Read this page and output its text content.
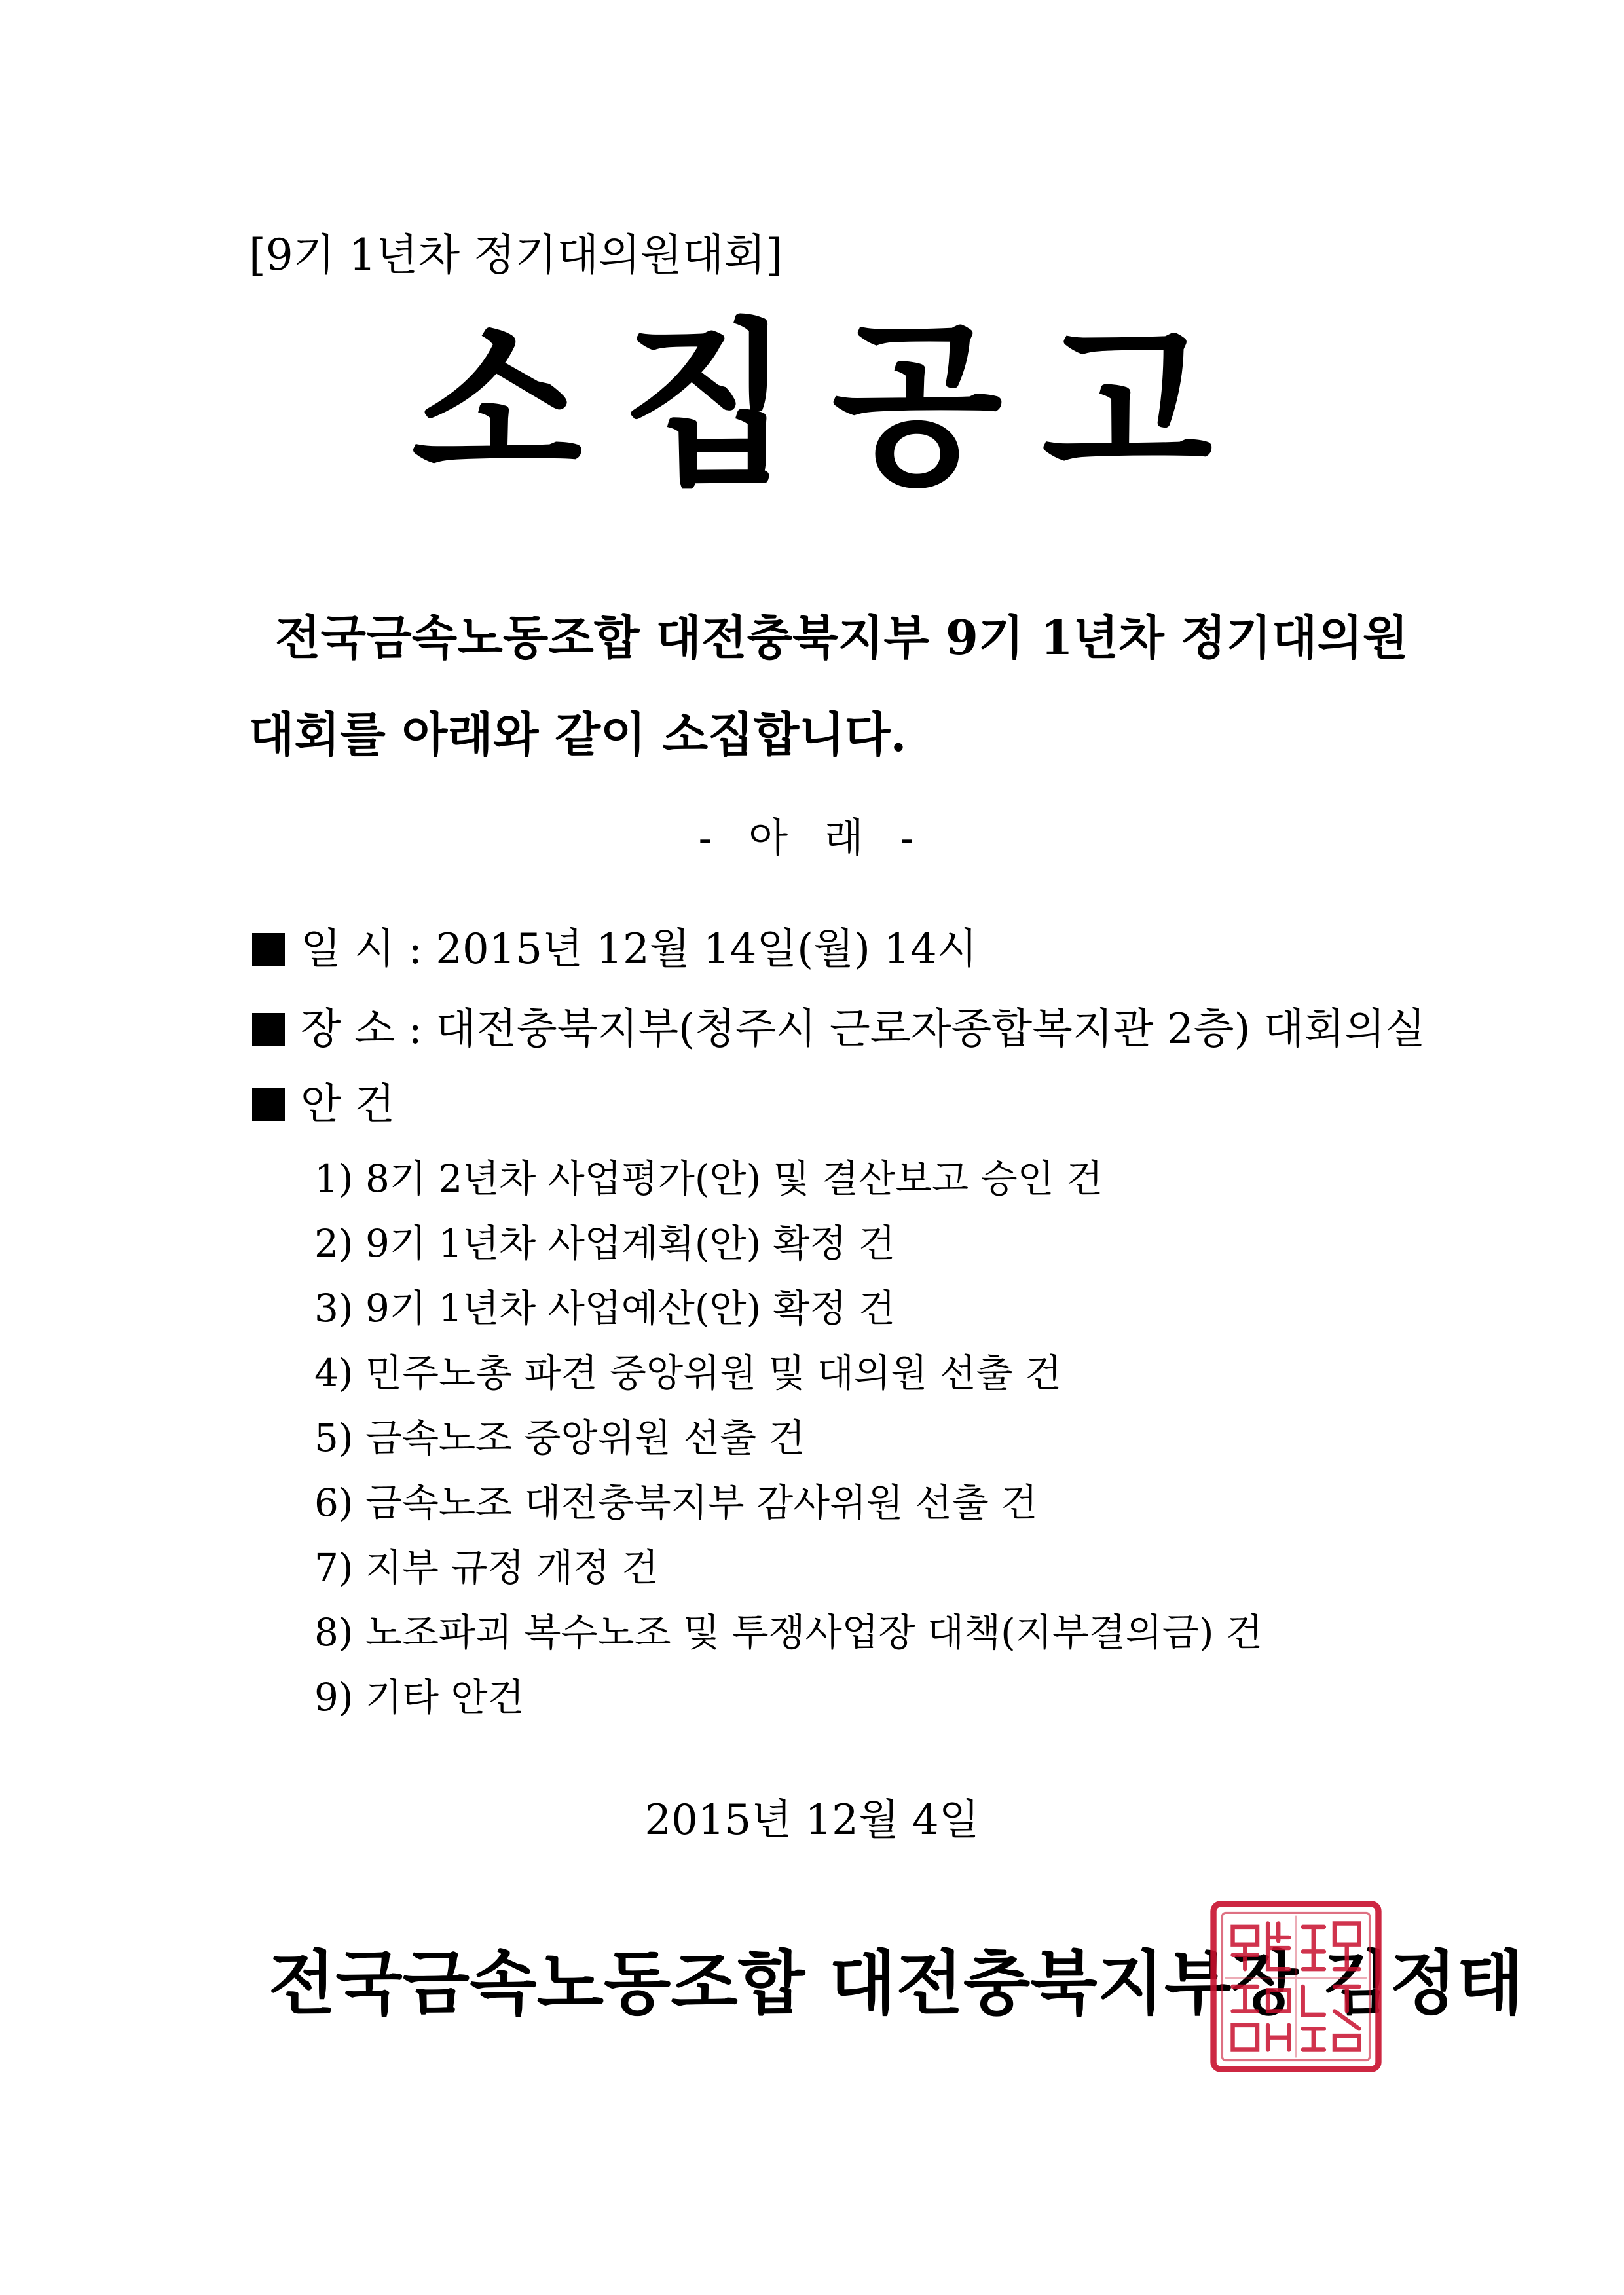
[9기 1년차 정기대의원대회]
소집공고
전국금속노동조합 대전충북지부 9기 1년차 정기대의원
대회를 아래와 같이 소집합니다.
- 아 래 -
일 시 : 2015년 12월 14일(월) 14시
장 소 : 대전충북지부(청주시 근로자종합복지관 2층) 대회의실
안 건
1) 8기 2년차 사업평가(안) 및 결산보고 승인 건
2) 9기 1년차 사업계획(안) 확정 건
3) 9기 1년차 사업예산(안) 확정 건
4) 민주노총 파견 중앙위원 및 대의원 선출 건
5) 금속노조 중앙위원 선출 건
6) 금속노조 대전충북지부 감사위원 선출 건
7) 지부 규정 개정 건
8) 노조파괴 복수노조 및 투쟁사업장 대책(지부결의금) 건
9) 기타 안건
2015년 12월 4일
전국금속노동조합 대전충북지부장 김정태
